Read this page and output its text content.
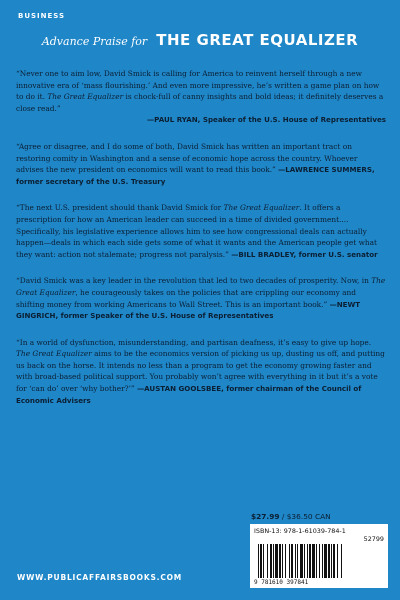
BUSINESS
Advance Praise for THE GREAT EQUALIZER
“Never one to aim low, David Smick is calling for America to reinvent herself through a new innovative era of ‘mass flourishing.’ And even more impressive, he’s written a game plan on how to do it. The Great Equalizer is chock-full of canny insights and bold ideas; it definitely deserves a close read.”
—PAUL RYAN, Speaker of the U.S. House of Representatives
“Agree or disagree, and I do some of both, David Smick has written an important tract on restoring comity in Washington and a sense of economic hope across the country. Whoever advises the new president on economics will want to read this book.” —LAWRENCE SUMMERS, former secretary of the U.S. Treasury
“The next U.S. president should thank David Smick for The Great Equalizer. It offers a prescription for how an American leader can succeed in a time of divided government.... Specifically, his legislative experience allows him to see how congressional deals can actually happen—deals in which each side gets some of what it wants and the American people get what they want: action not stalemate; progress not paralysis.” —BILL BRADLEY, former U.S. senator
“David Smick was a key leader in the revolution that led to two decades of prosperity. Now, in The Great Equalizer, he courageously takes on the policies that are crippling our economy and shifting money from working Americans to Wall Street. This is an important book.” —NEWT GINGRICH, former Speaker of the U.S. House of Representatives
“In a world of dysfunction, misunderstanding, and partisan deafness, it’s easy to give up hope. The Great Equalizer aims to be the economics version of picking us up, dusting us off, and putting us back on the horse. It intends no less than a program to get the economy growing faster and with broad-based political support. You probably won’t agree with everything in it but it’s a vote for ‘can do’ over ‘why bother?’” —AUSTAN GOOLSBEE, former chairman of the Council of Economic Advisers
$27.99 / $36.50 CAN
ISBN-13: 978-1-61039-784-1
52799
9 781610 397841
WWW.PUBLICAFFAIRSBOOKS.COM
